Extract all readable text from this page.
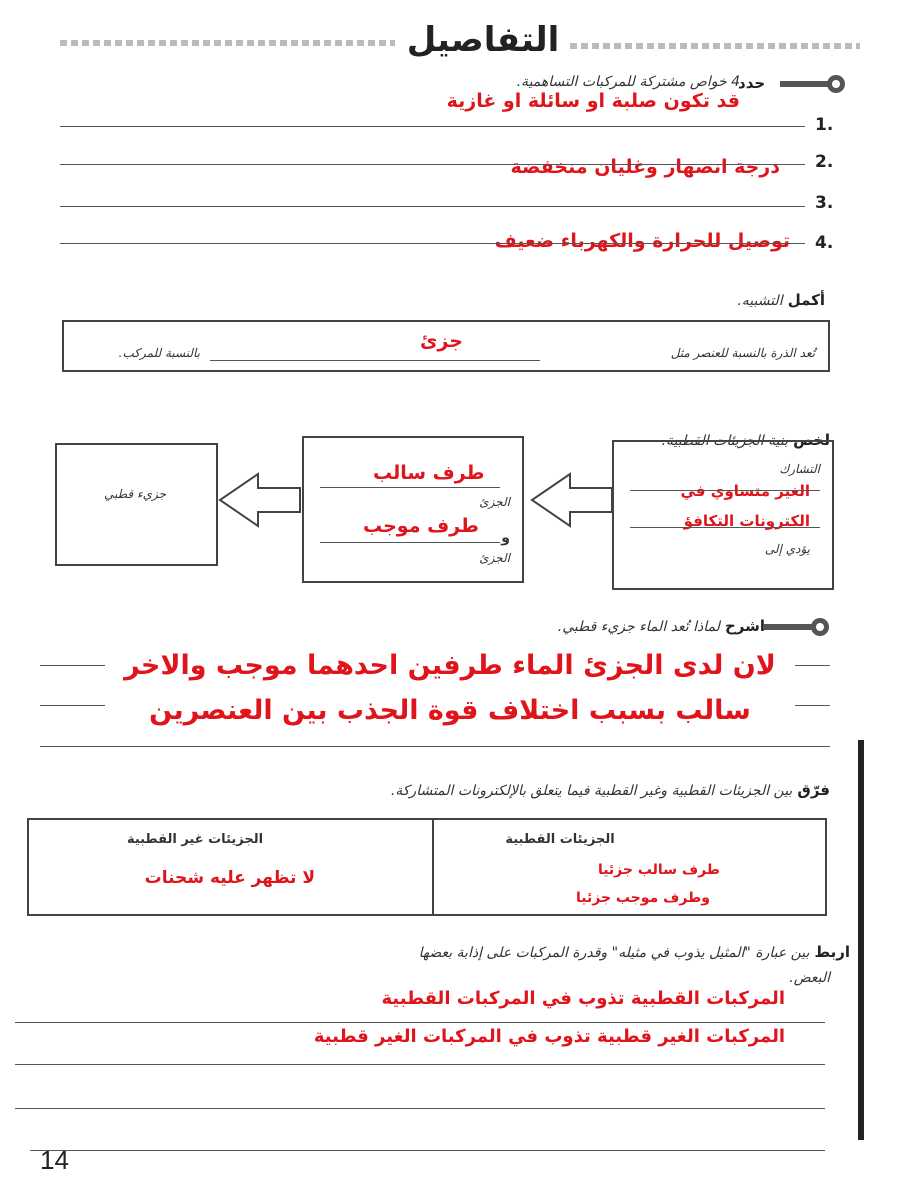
التفاصيل
4 خواص مشتركة للمركبات التساهمية.
حدد
قد تكون صلبة او سائلة او غازية
1.
درجة انصهار وغليان منخفضة 2.
3.
توصيل للحرارة والكهرباء ضعيف 4.
أكمل التشبيه.
جزئ
بالنسبة للمركب.	تُعد الذرة بالنسبة للعنصر مثل
لخص بنية الجزيئات القطبية.
جزيء قطبي
طرف سالب
الجزئ
طرف موجب
و
الجزئ
التشارك
الغير متساوي في
الكترونات التكافؤ
يؤدي إلى
اشرح لماذا تُعد الماء جزيء قطبي.
لان لدى الجزئ الماء طرفين احدهما موجب والاخر
سالب بسبب اختلاف قوة الجذب بين العنصرين
فرّق بين الجزيئات القطبية وغير القطبية فيما يتعلق بالإلكترونات المتشاركة.
الجزيئات القطبية
الجزيئات غير القطبية
طرف سالب جزئيا
وطرف موجب جزئيا
لا تظهر عليه شحنات
اربط بين عبارة "المثيل يذوب في مثيله" وقدرة المركبات على إذابة بعضها
البعض.
المركبات القطبية تذوب في المركبات القطبية
المركبات الغير قطبية تذوب في المركبات الغير قطبية
14
